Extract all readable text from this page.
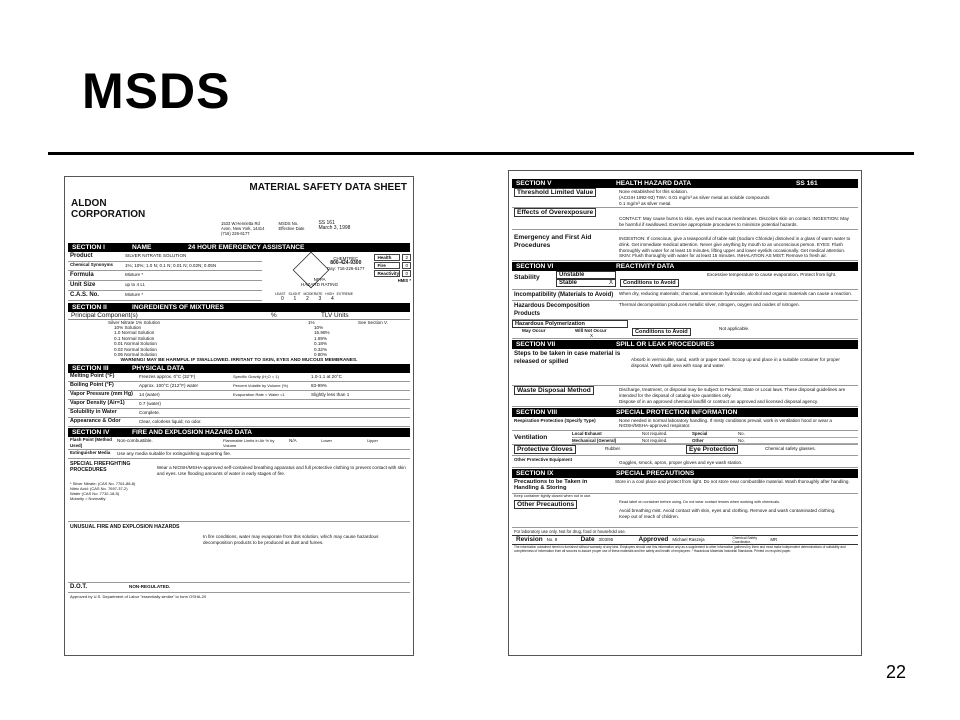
MSDS
22
ALDON
CORPORATION
MATERIAL SAFETY DATA SHEET
1533 W.Henrietta Rd
Avon, New York, 14414
(716) 226-6177
MSDS No.
Effective Date
SS 161
March 3, 1998
SECTION I	NAME	24 HOUR EMERGENCY ASSISTANCE
Product	SILVER NITRATE SOLUTION
Chemical Synonyms	1%; 10%; 1.0 N; 0.1 N; 0.01 N; 0.02N; 0.05N
Formula	Mixture *
Unit Size	up to 4 Lt.
C.A.S. No.	Mixture *
CHEMTREC
800-424-9300
Day: 716-226-6177
NFPA
HAZARD RATING
Health	2
Fire	0
Reactivity	0
HMIS *
LEAST   SLIGHT   MODERATE   HIGH   EXTREME
0       1       2       3       4
SECTION II	INGREDIENTS OF MIXTURES
Principal Component(s)	%	TLV Units
Silver Nitrate 1% Solution	1%	See Section V.
10% Solution	10%
1.0 Normal Solution	16.98%
0.1 Normal Solution	1.69%
0.01 Normal Solution	0.18%
0.02 Normal Solution	0.32%
0.05 Normal Solution	0.80%
WARNING! MAY BE HARMFUL IF SWALLOWED. IRRITANT TO SKIN, EYES AND MUCOUS MEMBRANES.
SECTION III	PHYSICAL DATA
Melting Point (°F)	Freezes approx. 0°C (32°F)	Specific Gravity (H₂O = 1)	1.0-1.1 at 20°C
Boiling Point (°F)	Approx. 100°C (212°F) water	Percent Volatile by Volume (%)	83-99%
Vapor Pressure (mm Hg)	14 (water)	Evaporation Rate < Water =1	Slightly less than 1
Vapor Density (Air=1)	0.7 (water)
Solubility in Water	Complete.
Appearance & Odor	Clear, colorless liquid; no odor.
SECTION IV	FIRE AND EXPLOSION HAZARD DATA
Flash Point (Method Used)
Non-combustible.	Flammable Limits in Air % by Volume
N/A	Lower	Upper
Extinguisher Media	Use any media suitable for extinguishing supporting fire.
SPECIAL FIREFIGHTING PROCEDURES
* Silver Nitrate: (CAS No. 7761-88-8)
Nitric Acid: (CAS No. 7697-37-2)
Water (CAS No. 7732-18-5)
Molarity = Normality
Wear a NIOSH/MSHA-approved self-contained breathing apparatus and full protective clothing to prevent contact with skin and eyes. Use flooding amounts of water in early stages of fire.
UNUSUAL FIRE AND EXPLOSION HAZARDS
In fire conditions, water may evaporate from this solution, which may cause hazardous decomposition products to be produced as dust and fumes.
D.O.T.	NON-REGULATED.
Approved by U.S. Department of Labor "essentially similar" to form OSHA-20
SECTION V	HEALTH HAZARD DATA	SS 161
Threshold Limited Value	None established for this solution.
(ACGIH 1992-93) TWA: 0.01 mg/m³ as silver metal as soluble compounds
0.1 mg/m³ as silver metal.
Effects of Overexposure
CONTACT: May cause burns to skin, eyes and mucous membranes. Discolors skin on contact. INGESTION: May be harmful if swallowed. Exercise appropriate procedures to minimize potential hazards.
Emergency and First Aid Procedures
INGESTION: If conscious, give a teaspoonful of table salt (Sodium Chloride) dissolved in a glass of warm water to drink. Get immediate medical attention. Never give anything by mouth to an unconscious person. EYES: Flush thoroughly with water for at least 15 minutes, lifting upper and lower eyelids occasionally. Get medical attention. SKIN: Flush thoroughly with water for at least 15 minutes. INHALATION AS MIST: Remove to fresh air.
SECTION VI	REACTIVITY DATA
Stability	Unstable
Stable	X	Conditions to Avoid
Excessive temperature to cause evaporation. Protect from light.
Incompatibility (Materials to Avoid)	When dry, reducing materials; charcoal, ammonium hydroxide, alcohol and organic materials can cause a reaction.
Hazardous Decomposition Products
Thermal decomposition produces metallic silver, nitrogen, oxygen and oxides of nitrogen.
Hazardous Polymerization
May Occur	Will Not Occur
X
Conditions to Avoid
Not applicable.
SECTION VII	SPILL OR LEAK PROCEDURES
Steps to be taken in case material is released or spilled	Absorb in vermiculite, sand, earth or paper towel. Scoop up and place in a suitable container for proper disposal. Wash spill area with soap and water.
Waste Disposal Method	Discharge, treatment, or disposal may be subject to Federal, State or Local laws. These disposal guidelines are intended for the disposal of catalog-size quantities only.
Dispose of in an approved chemical landfill or contract an approved and licensed disposal agency.
SECTION VIII	SPECIAL PROTECTION INFORMATION
Respiration Protection (Specify Type)	None needed in normal laboratory handling. If misty conditions prevail, work in ventilation hood or wear a NIOSH/MSHA-approved respirator.
Ventilation
Local Exhaust	Not required.	Special	No.
Mechanical (General)	Not required.	Other	No.
Protective Gloves	Rubber.	Eye Protection	Chemical safety glasses.
Other Protective Equipment
Goggles, smock, apron, proper gloves and eye wash station.
SECTION IX	SPECIAL PRECAUTIONS
Precautions to be Taken in Handling & Storing
Store in a cool place and protect from light. Do not store near combustible material. Wash thoroughly after handling.
Keep container tightly closed when not in use.
Other Precautions	Read label on container before using. Do not wear contact lenses when working with chemicals.
Avoid breathing mist. Avoid contact with skin, eyes and clothing. Remove and wash contaminated clothing.
Keep out of reach of children.
For laboratory use only. Not for drug, food or household use.
Revision No. 8	Date 3/03/95	Approved Michael Raszeja	Chemical Safety Coordinator	MR
The information contained herein is furnished without warranty of any kind. Employers should use this information only as a supplement to other information gathered by them and must make independent determinations of suitability and completeness of information from all sources to assure proper use of these materials and the safety and health of employees. * Hazardous Materials Industrial Standards. Printed on recycled paper.
